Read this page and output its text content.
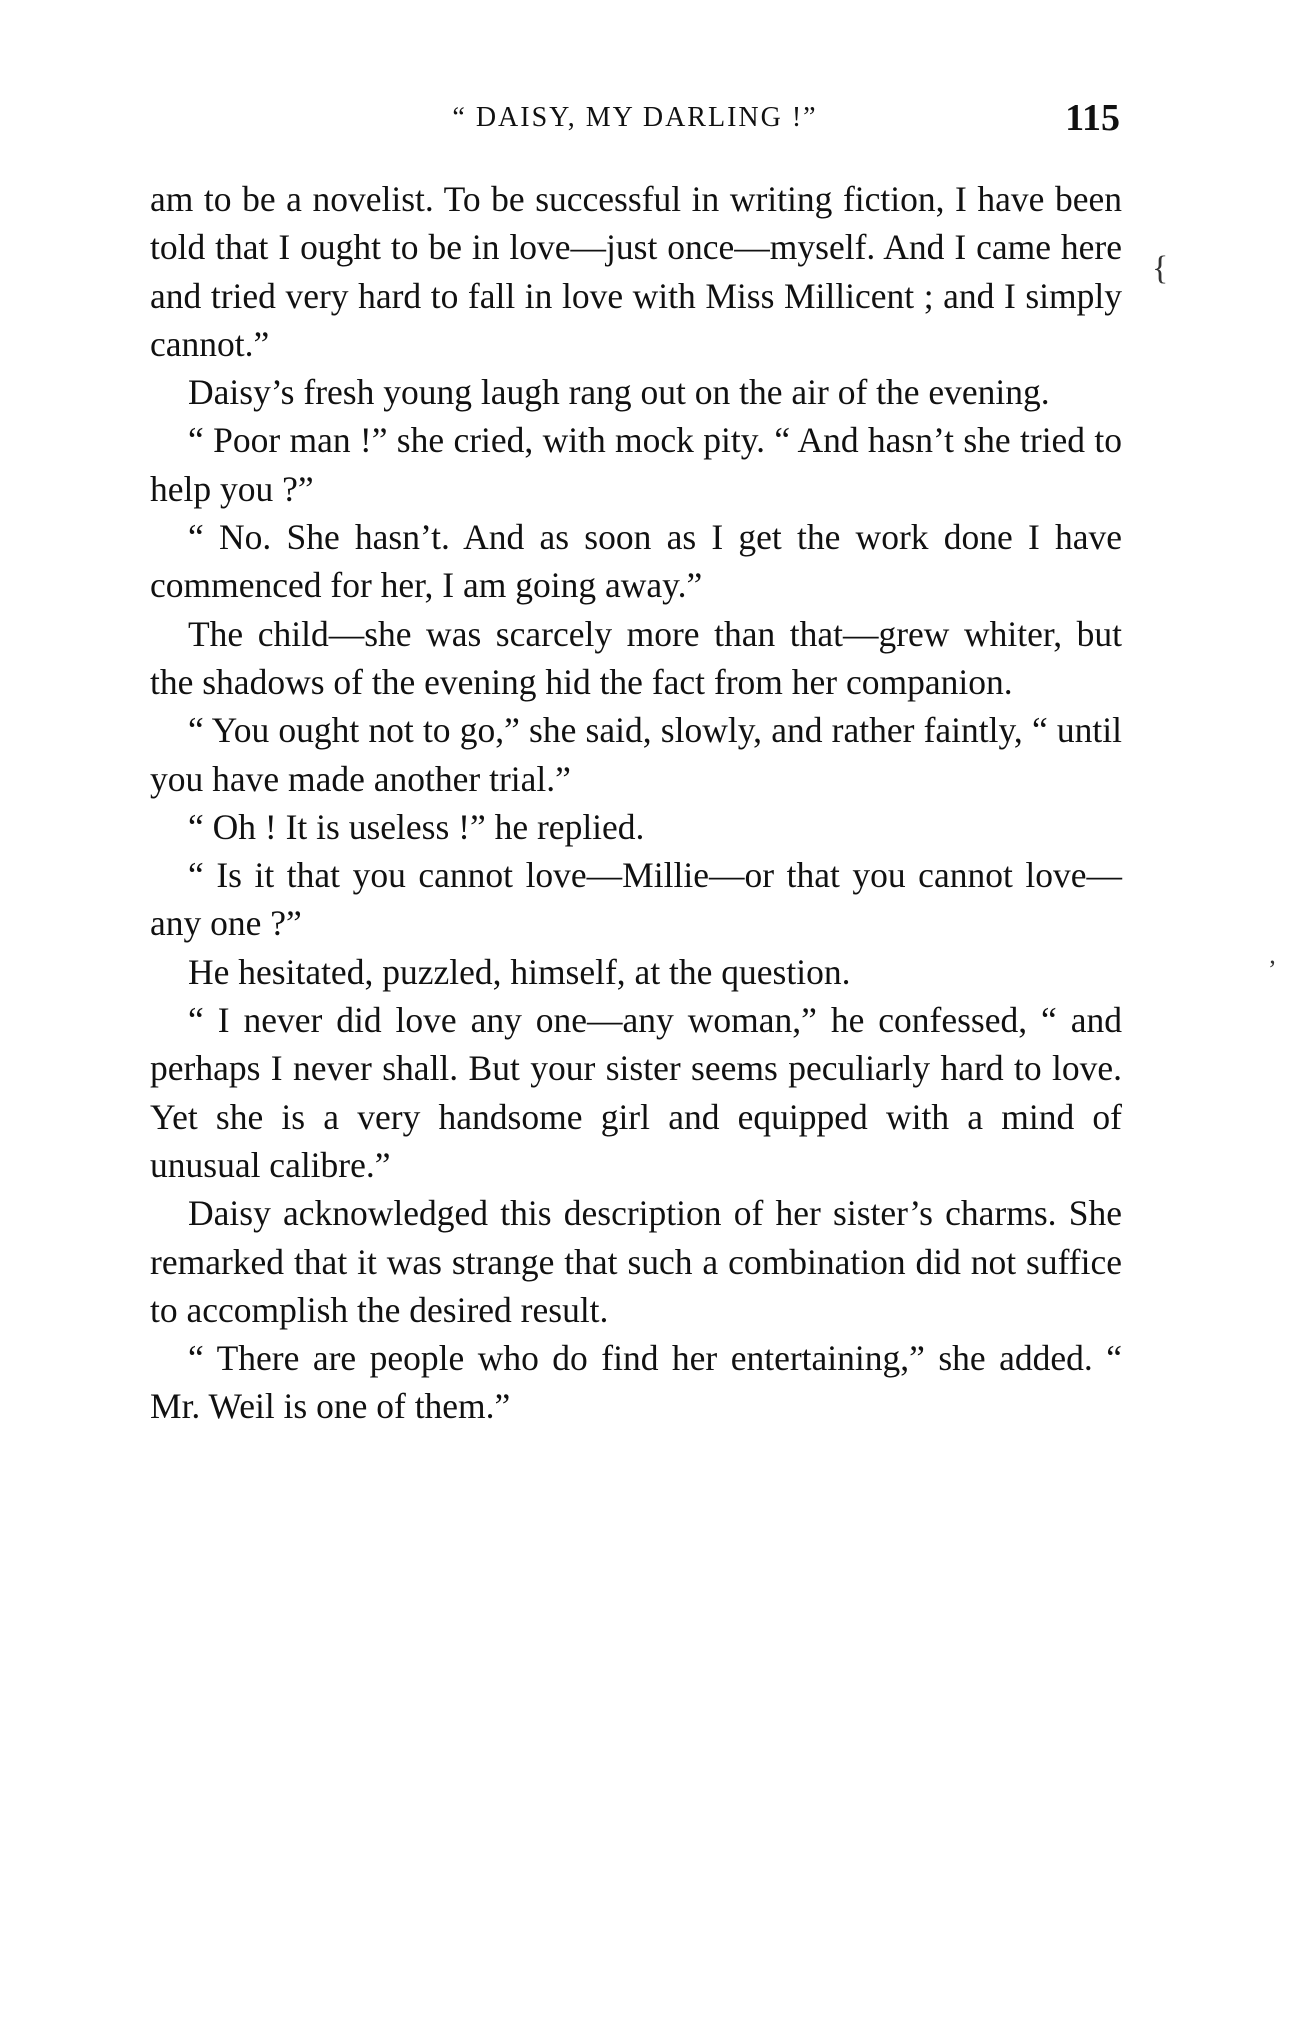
“ DAISY, MY DARLING !”	115

am to be a novelist. To be successful in writing fiction, I have been told that I ought to be in love—just once—myself. And I came here and tried very hard to fall in love with Miss Millicent ; and I simply cannot.”

Daisy’s fresh young laugh rang out on the air of the evening.

“ Poor man !” she cried, with mock pity. “ And hasn’t she tried to help you ?”

“ No. She hasn’t. And as soon as I get the work done I have commenced for her, I am going away.”

The child—she was scarcely more than that—grew whiter, but the shadows of the evening hid the fact from her companion.

“ You ought not to go,” she said, slowly, and rather faintly, “ until you have made another trial.”

“ Oh ! It is useless !” he replied.

“ Is it that you cannot love—Millie—or that you cannot love—any one ?”

He hesitated, puzzled, himself, at the question.

“ I never did love any one—any woman,” he confessed, “ and perhaps I never shall. But your sister seems peculiarly hard to love. Yet she is a very handsome girl and equipped with a mind of unusual calibre.”

Daisy acknowledged this description of her sister’s charms. She remarked that it was strange that such a combination did not suffice to accomplish the desired result.

“ There are people who do find her entertaining,” she added. “ Mr. Weil is one of them.”

{
‚
